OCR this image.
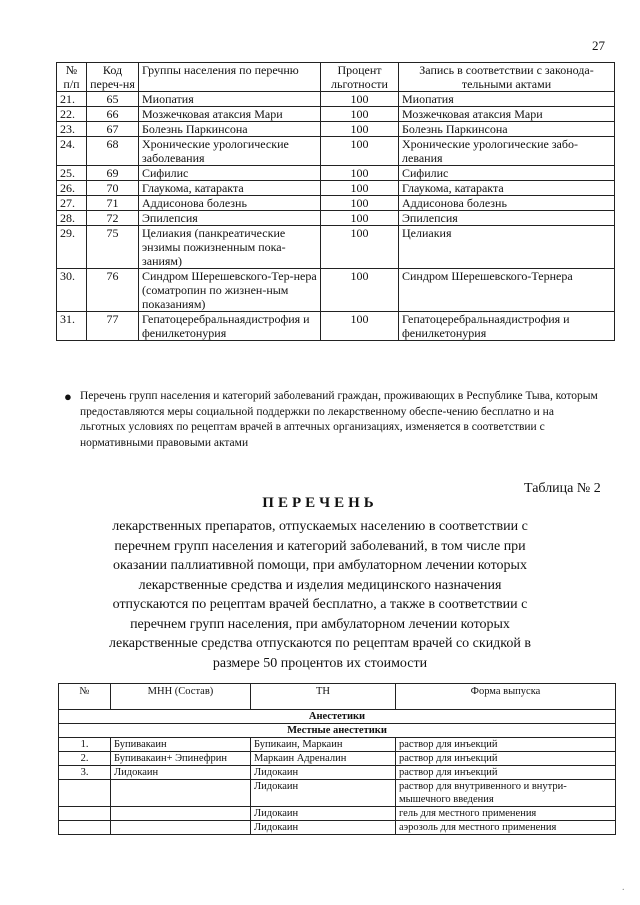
27
№ п/п	Код переч-ня	Группы населения по перечню	Процент льготности	Запись в соответствии с законода-тельными актами
21.	65	Миопатия	100	Миопатия
22.	66	Мозжечковая атаксия Мари	100	Мозжечковая атаксия Мари
23.	67	Болезнь Паркинсона	100	Болезнь Паркинсона
24.	68	Хронические урологические заболевания	100	Хронические урологические забо-левания
25.	69	Сифилис	100	Сифилис
26.	70	Глаукома, катаракта	100	Глаукома, катаракта
27.	71	Аддисонова болезнь	100	Аддисонова болезнь
28.	72	Эпилепсия	100	Эпилепсия
29.	75	Целиакия (панкреатические энзимы пожизненным пока-заниям)	100	Целиакия
30.	76	Синдром Шерешевского-Тер-нера (соматропин по жизнен-ным показаниям)	100	Синдром Шерешевского-Тернера
31.	77	Гепатоцеребральнаядистрофия и фенилкетонурия	100	Гепатоцеребральнаядистрофия и фенилкетонурия
● Перечень групп населения и категорий заболеваний граждан, проживающих в Республике Тыва, которым предоставляются меры социальной поддержки по лекарственному обеспе-чению бесплатно и на льготных условиях по рецептам врачей в аптечных организациях, изменяется в соответствии с нормативными правовыми актами
Таблица № 2
ПЕРЕЧЕНЬ
лекарственных препаратов, отпускаемых населению в соответствии с перечнем групп населения и категорий заболеваний, в том числе при оказании паллиативной помощи, при амбулаторном лечении которых лекарственные средства и изделия медицинского назначения отпускаются по рецептам врачей бесплатно, а также в соответствии с перечнем групп населения, при амбулаторном лечении которых лекарственные средства отпускаются по рецептам врачей со скидкой в размере 50 процентов их стоимости
№	МНН (Состав)	ТН	Форма выпуска
Анестетики			
Местные анестетики			
1.	Бупивакаин	Бупикаин, Маркаин	раствор для инъекций
2.	Бупивакаин+ Эпинефрин	Маркаин Адреналин	раствор для инъекций
3.	Лидокаин	Лидокаин	раствор для инъекций
		Лидокаин	раствор для внутривенного и внутри-мышечного введения
		Лидокаин	гель для местного применения
		Лидокаин	аэрозоль для местного применения
.
